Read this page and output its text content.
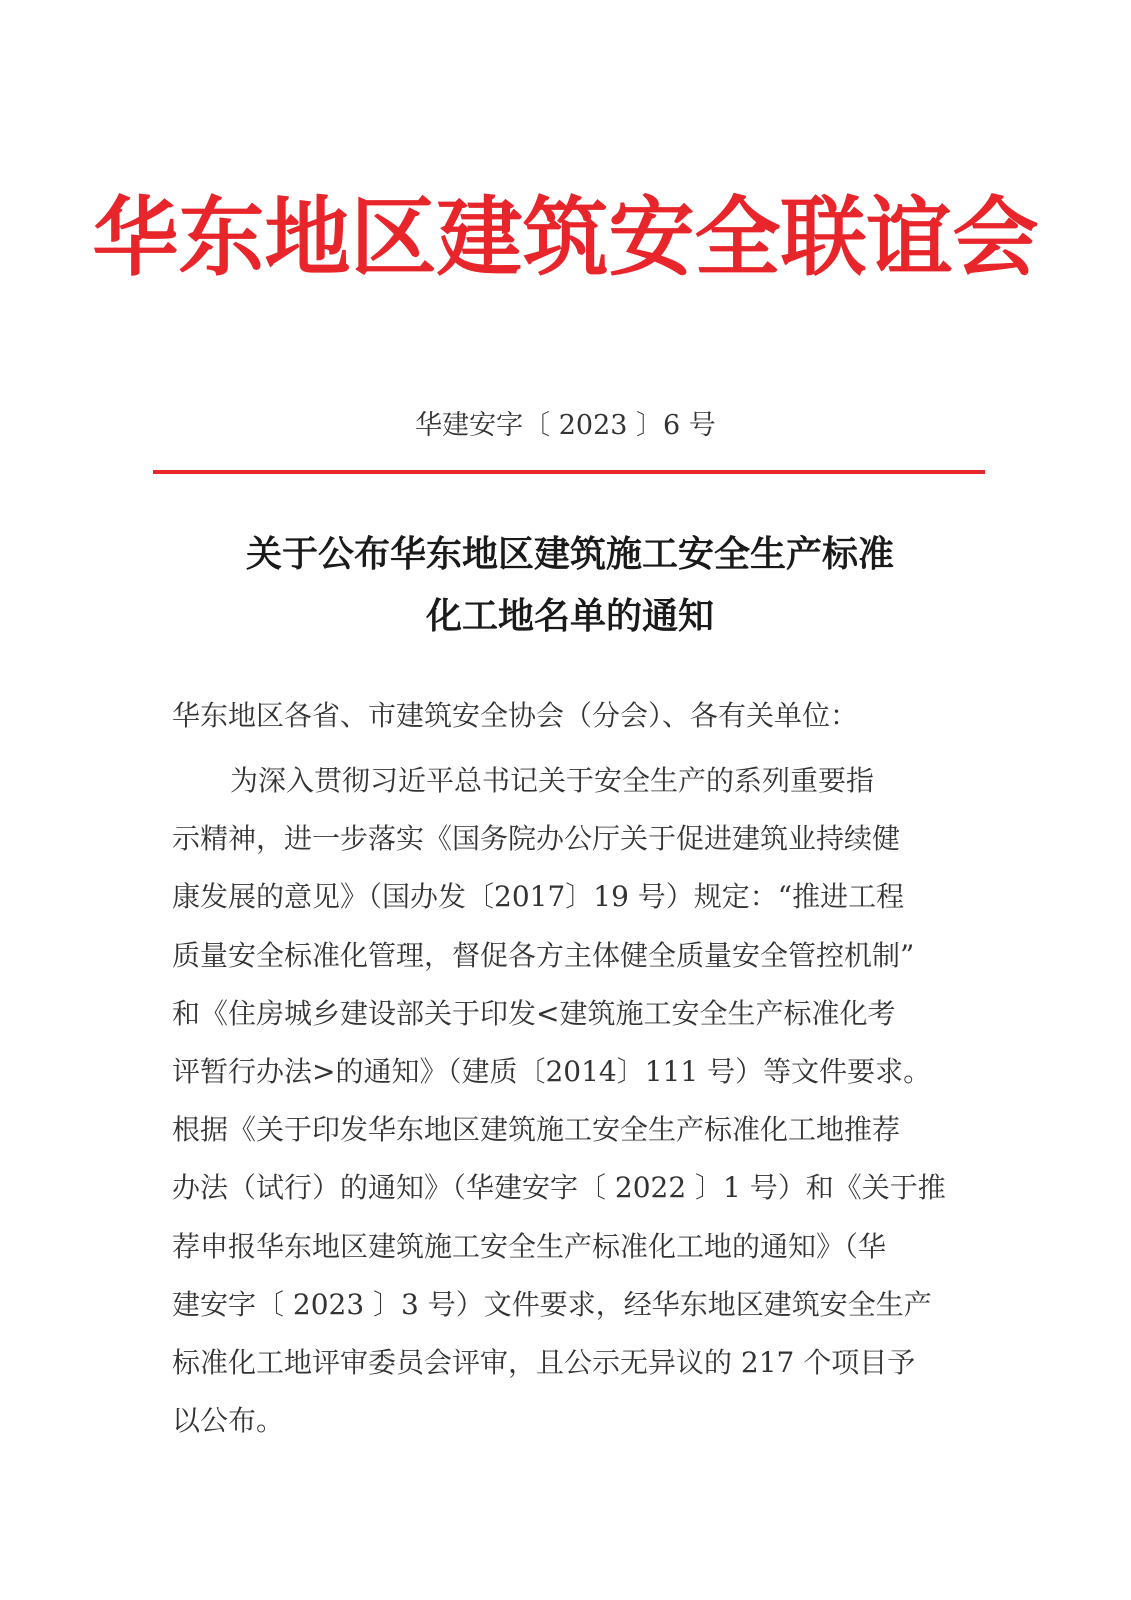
华东地区建筑安全联谊会
华建安字〔 2023 〕6 号
关于公布华东地区建筑施工安全生产标准
化工地名单的通知
华东地区各省、市建筑安全协会（分会）、各有关单位：
为深入贯彻习近平总书记关于安全生产的系列重要指
示精神，进一步落实《国务院办公厅关于促进建筑业持续健
康发展的意见》（国办发〔2017〕19 号）规定：“推进工程
质量安全标准化管理，督促各方主体健全质量安全管控机制”
和《住房城乡建设部关于印发<建筑施工安全生产标准化考
评暂行办法>的通知》（建质〔2014〕111 号）等文件要求。
根据《关于印发华东地区建筑施工安全生产标准化工地推荐
办法（试行）的通知》（华建安字〔 2022 〕1 号）和《关于推
荐申报华东地区建筑施工安全生产标准化工地的通知》（华
建安字〔 2023 〕3 号）文件要求，经华东地区建筑安全生产
标准化工地评审委员会评审，且公示无异议的 217 个项目予
以公布。
